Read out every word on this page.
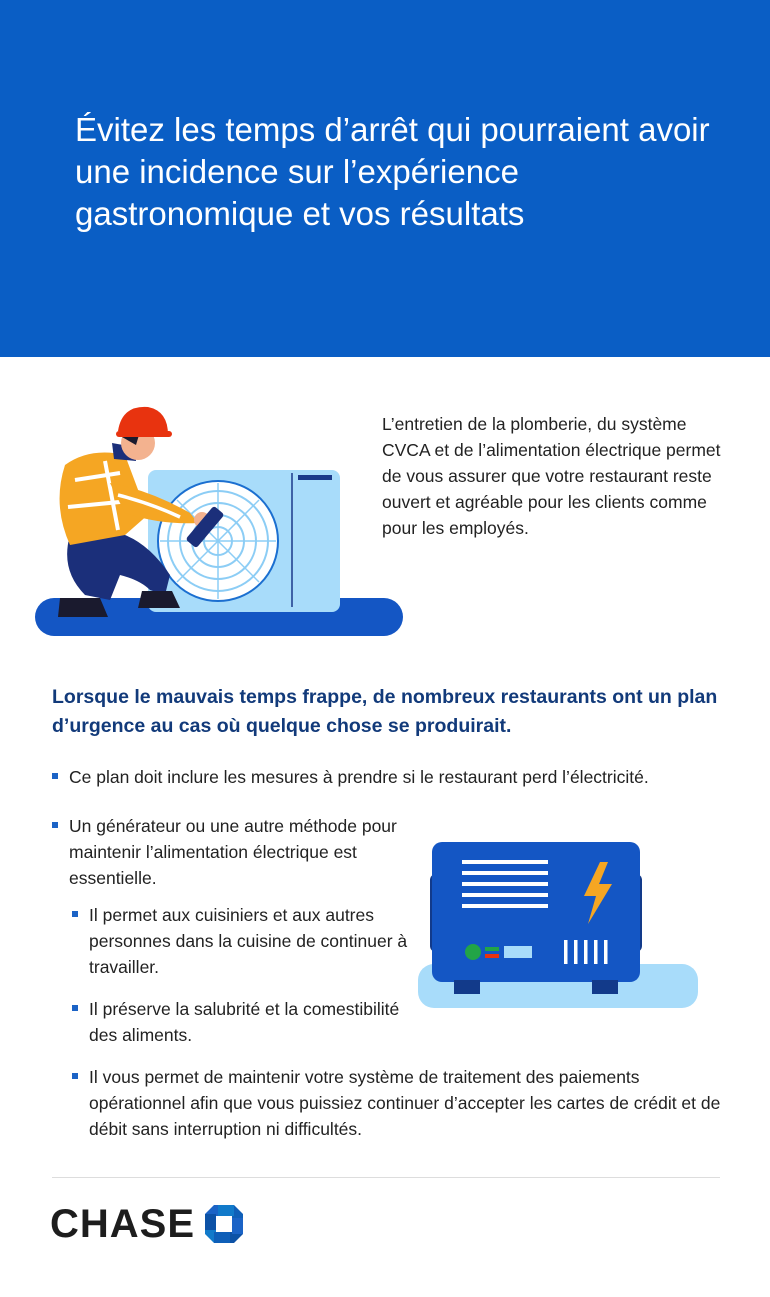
Évitez les temps d’arrêt qui pourraient avoir une incidence sur l’expérience gastronomique et vos résultats

L’entretien de la plomberie, du système CVCA et de l’alimentation électrique permet de vous assurer que votre restaurant reste ouvert et agréable pour les clients comme pour les employés.

Lorsque le mauvais temps frappe, de nombreux restaurants ont un plan d’urgence au cas où quelque chose se produirait.

Ce plan doit inclure les mesures à prendre si le restaurant perd l’électricité.
Un générateur ou une autre méthode pour maintenir l’alimentation électrique est essentielle.
Il permet aux cuisiniers et aux autres personnes dans la cuisine de continuer à travailler.
Il préserve la salubrité et la comestibilité des aliments.
Il vous permet de maintenir votre système de traitement des paiements opérationnel afin que vous puissiez continuer d’accepter les cartes de crédit et de débit sans interruption ni difficultés.
CHASE
